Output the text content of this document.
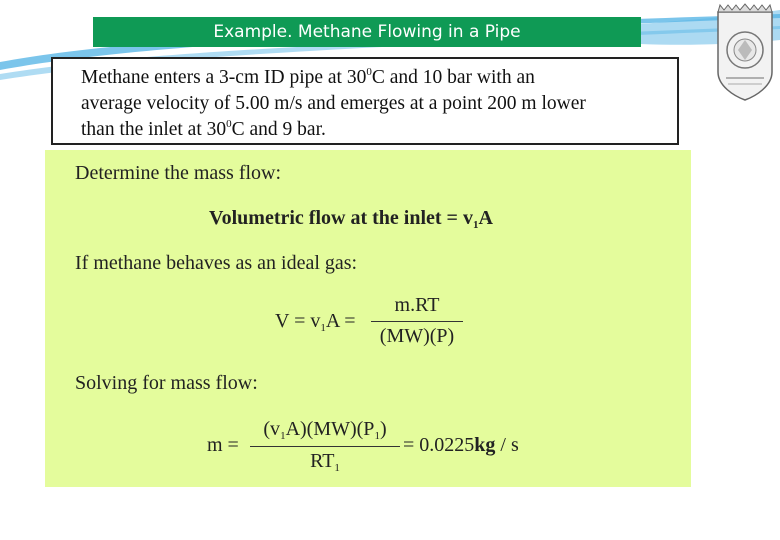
Example. Methane Flowing in a Pipe
Methane enters a 3-cm ID pipe at $30^0C$ and 10 bar with an
average velocity of 5.00 m/s and emerges at a point 200 m lower
than the inlet at $30^0C$ and 9 bar.
Determine the mass flow:
Volumetric flow at the inlet = $v_1A$
If methane behaves as an ideal gas:
$V = v_1A$ =
m.RT
(MW)(P)
Solving for mass flow:
m =
$(v_1A)(MW)(P_1)$
$RT_1$
= 0.0225kg / s
